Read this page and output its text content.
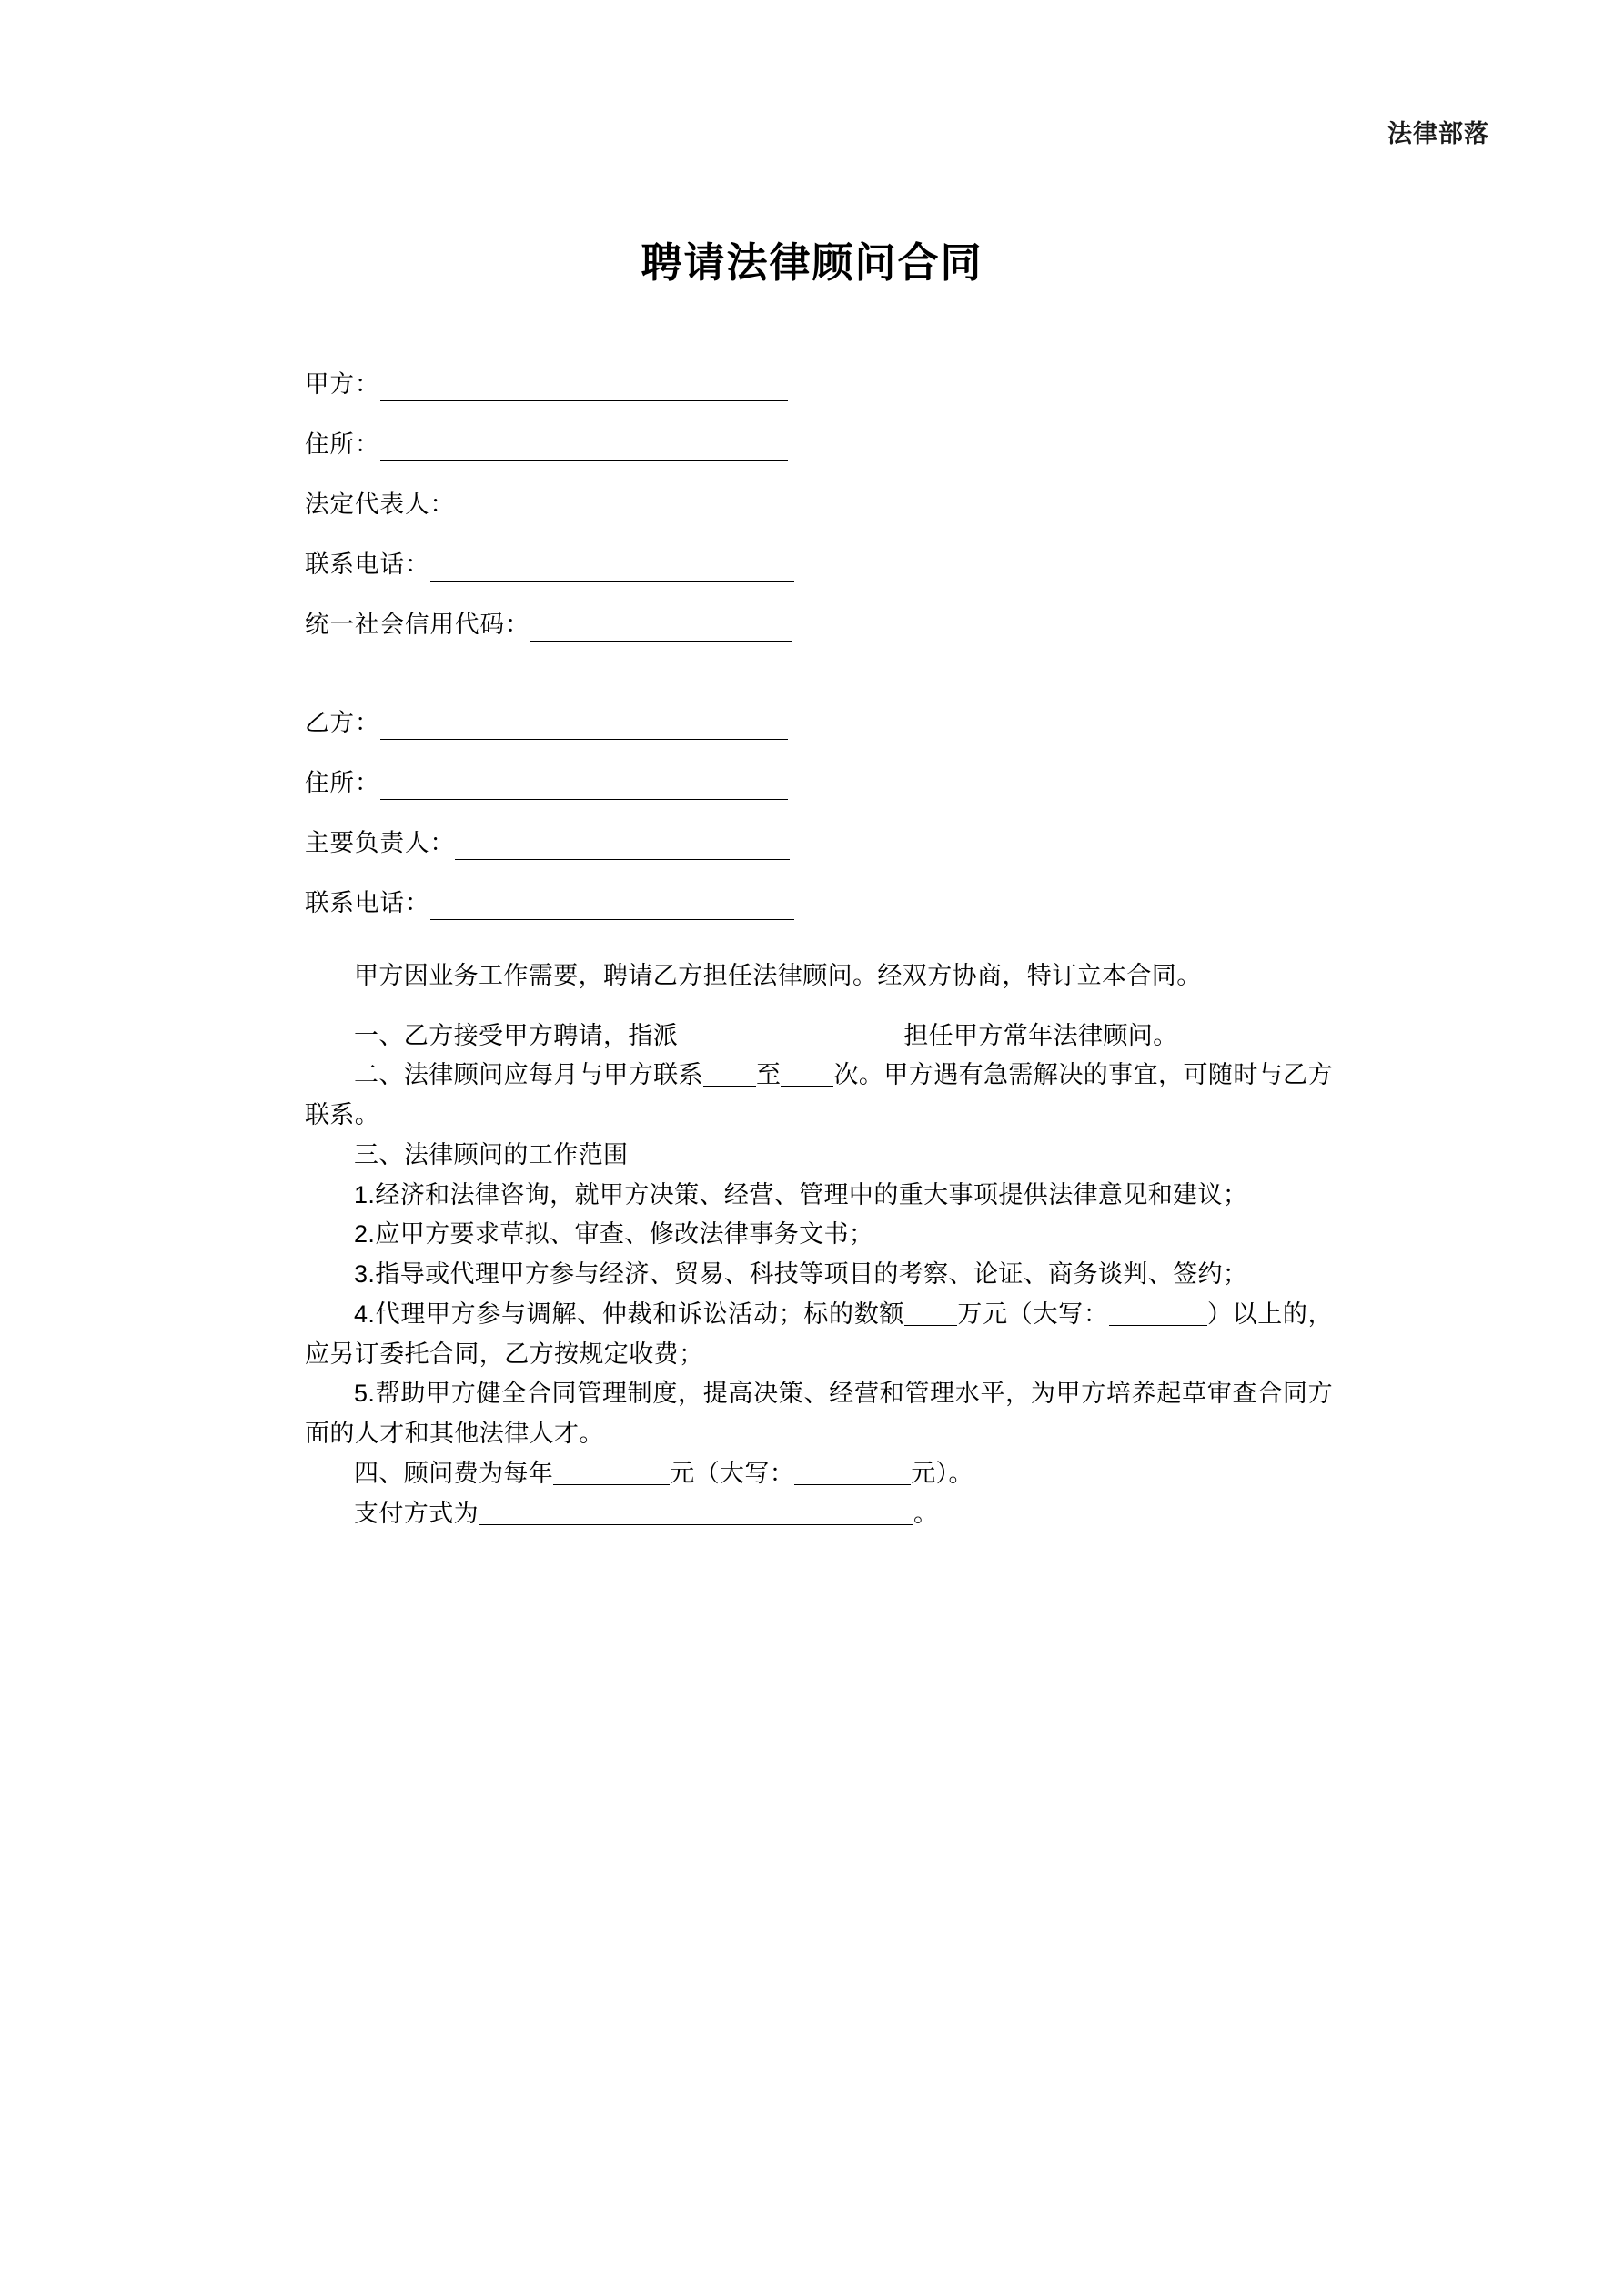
法律部落
聘请法律顾问合同
甲方：
住所：
法定代表人：
联系电话：
统一社会信用代码：
乙方：
住所：
主要负责人：
联系电话：

甲方因业务工作需要，聘请乙方担任法律顾问。经双方协商，特订立本合同。

一、乙方接受甲方聘请，指派	担任甲方常年法律顾问。

二、法律顾问应每月与甲方联系 至 次。甲方遇有急需解决的事宜，可随时与乙方联系。

三、法律顾问的工作范围

1.经济和法律咨询，就甲方决策、经营、管理中的重大事项提供法律意见和建议；

2.应甲方要求草拟、审查、修改法律事务文书；

3.指导或代理甲方参与经济、贸易、科技等项目的考察、论证、商务谈判、签约；

4.代理甲方参与调解、仲裁和诉讼活动；标的数额 万元（大写：	）以上的，应另订委托合同，乙方按规定收费；

5.帮助甲方健全合同管理制度，提高决策、经营和管理水平，为甲方培养起草审查合同方面的人才和其他法律人才。

四、顾问费为每年	元（大写：	元）。

支付方式为	。
